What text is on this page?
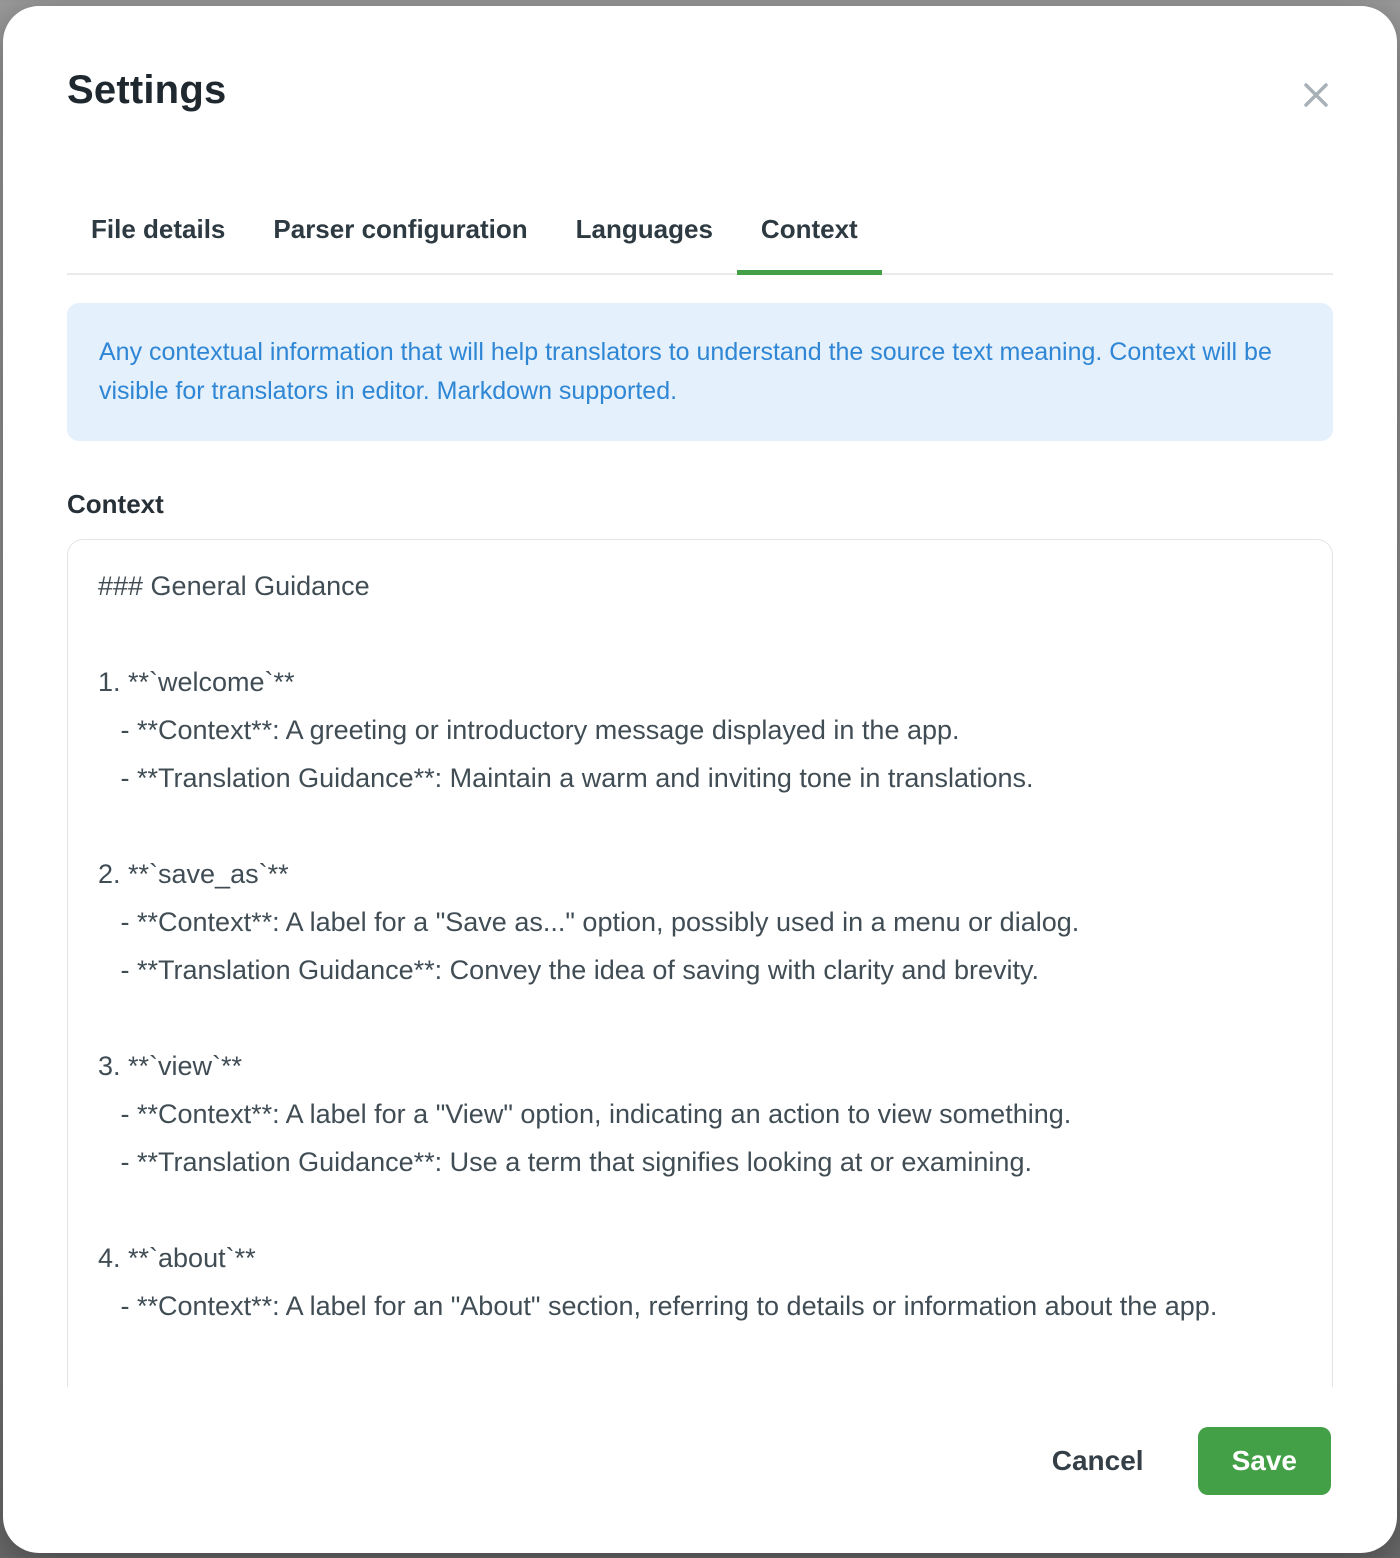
Settings
File details	Parser configuration	Languages	Context
Any contextual information that will help translators to understand the source text meaning. Context will be visible for translators in editor. Markdown supported.
Context
### General Guidance 1. **`welcome`** - **Context**: A greeting or introductory message displayed in the app. - **Translation Guidance**: Maintain a warm and inviting tone in translations. 2. **`save_as`** - **Context**: A label for a "Save as..." option, possibly used in a menu or dialog. - **Translation Guidance**: Convey the idea of saving with clarity and brevity. 3. **`view`** - **Context**: A label for a "View" option, indicating an action to view something. - **Translation Guidance**: Use a term that signifies looking at or examining. 4. **`about`** - **Context**: A label for an "About" section, referring to details or information about the app.
Cancel	Save
